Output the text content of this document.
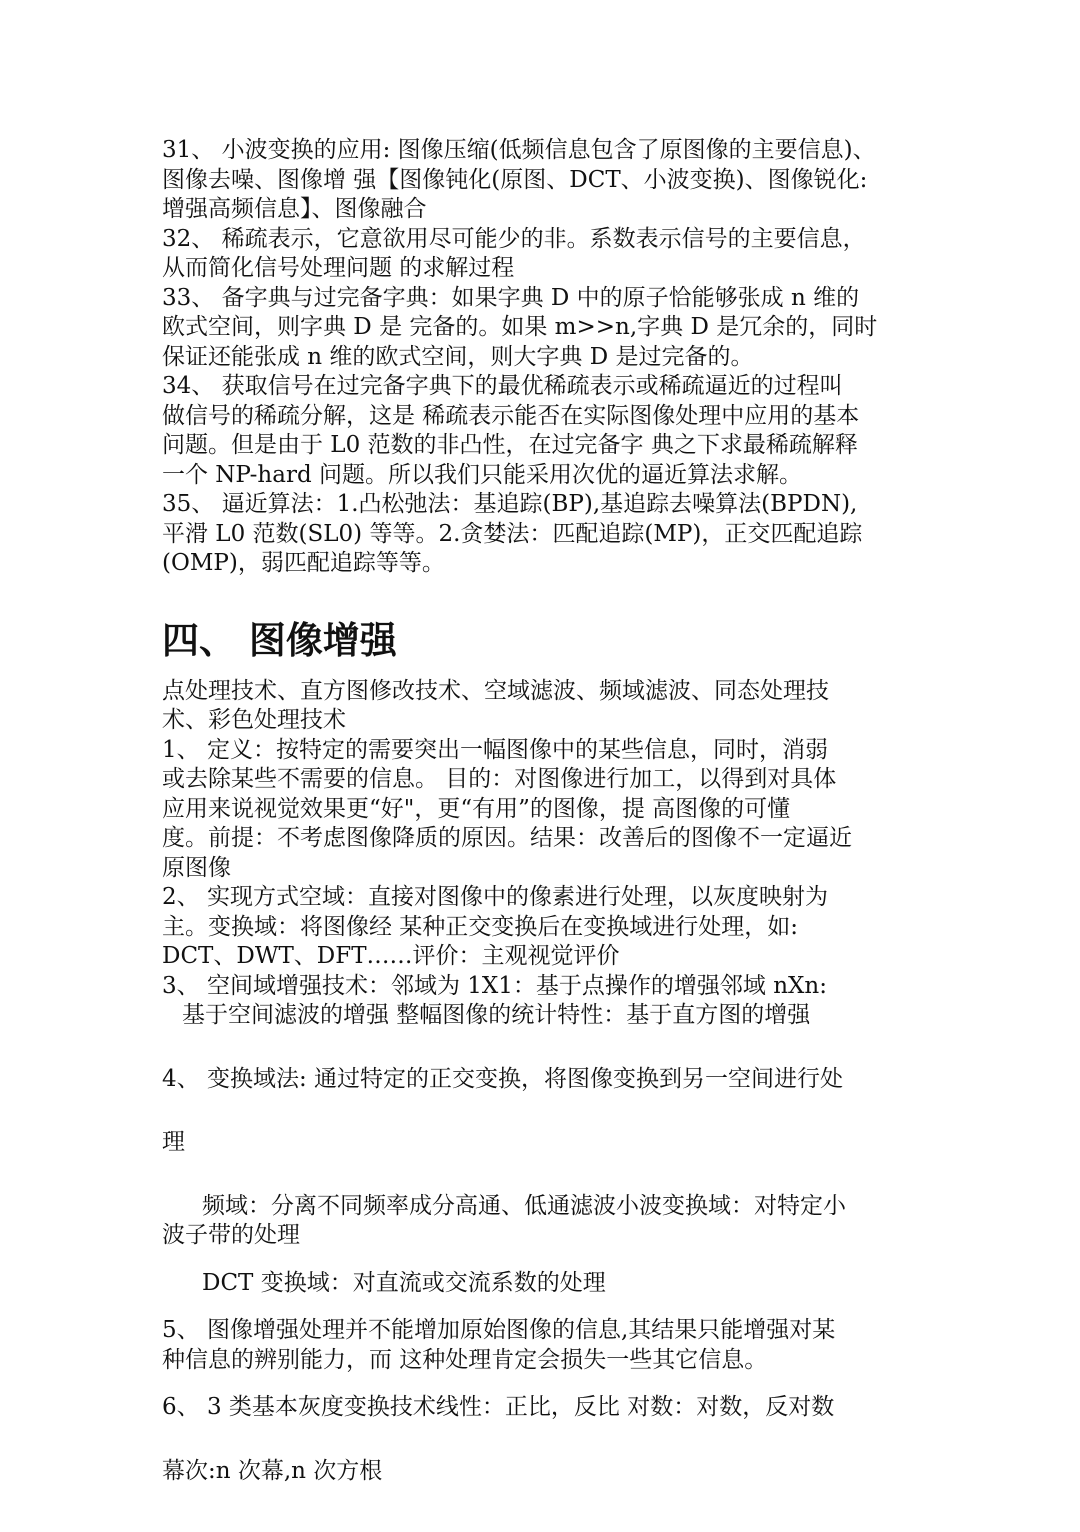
31、 小波变换的应用: 图像压缩(低频信息包含了原图像的主要信息)、
图像去噪、图像增 强【图像钝化(原图、DCT、小波变换)、图像锐化:
增强高频信息】、图像融合
32、 稀疏表示，它意欲用尽可能少的非。系数表示信号的主要信息，
从而简化信号处理问题 的求解过程
33、 备字典与过完备字典：如果字典 D 中的原子恰能够张成 n 维的
欧式空间，则字典 D 是 完备的。如果 m>>n,字典 D 是冗余的，同时
保证还能张成 n 维的欧式空间，则大字典 D 是过完备的。
34、 获取信号在过完备字典下的最优稀疏表示或稀疏逼近的过程叫
做信号的稀疏分解，这是 稀疏表示能否在实际图像处理中应用的基本
问题。但是由于 L0 范数的非凸性，在过完备字 典之下求最稀疏解释
一个 NP-hard 问题。所以我们只能采用次优的逼近算法求解。
35、 逼近算法：1.凸松弛法：基追踪(BP),基追踪去噪算法(BPDN),
平滑 L0 范数(SL0) 等等。2.贪婪法：匹配追踪(MP)，正交匹配追踪
(OMP)，弱匹配追踪等等。
四、 图像增强
点处理技术、直方图修改技术、空域滤波、频域滤波、同态处理技
术、彩色处理技术
1、 定义：按特定的需要突出一幅图像中的某些信息，同时，消弱
或去除某些不需要的信息。 目的：对图像进行加工，以得到对具体
应用来说视觉效果更“好"，更“有用”的图像，提 高图像的可懂
度。前提：不考虑图像降质的原因。结果：改善后的图像不一定逼近
原图像
2、 实现方式空域：直接对图像中的像素进行处理，以灰度映射为
主。变换域：将图像经 某种正交变换后在变换域进行处理，如:
DCT、DWT、DFT……评价：主观视觉评价
3、 空间域增强技术：邻域为 1X1：基于点操作的增强邻域 nXn:
基于空间滤波的增强 整幅图像的统计特性：基于直方图的增强
4、 变换域法: 通过特定的正交变换，将图像变换到另一空间进行处
理
频域：分离不同频率成分高通、低通滤波小波变换域：对特定小
波子带的处理
DCT 变换域：对直流或交流系数的处理
5、 图像增强处理并不能增加原始图像的信息,其结果只能增强对某
种信息的辨别能力，而 这种处理肯定会损失一些其它信息。
6、 3 类基本灰度变换技术线性：正比，反比 对数：对数，反对数
幕次:n 次幕,n 次方根
